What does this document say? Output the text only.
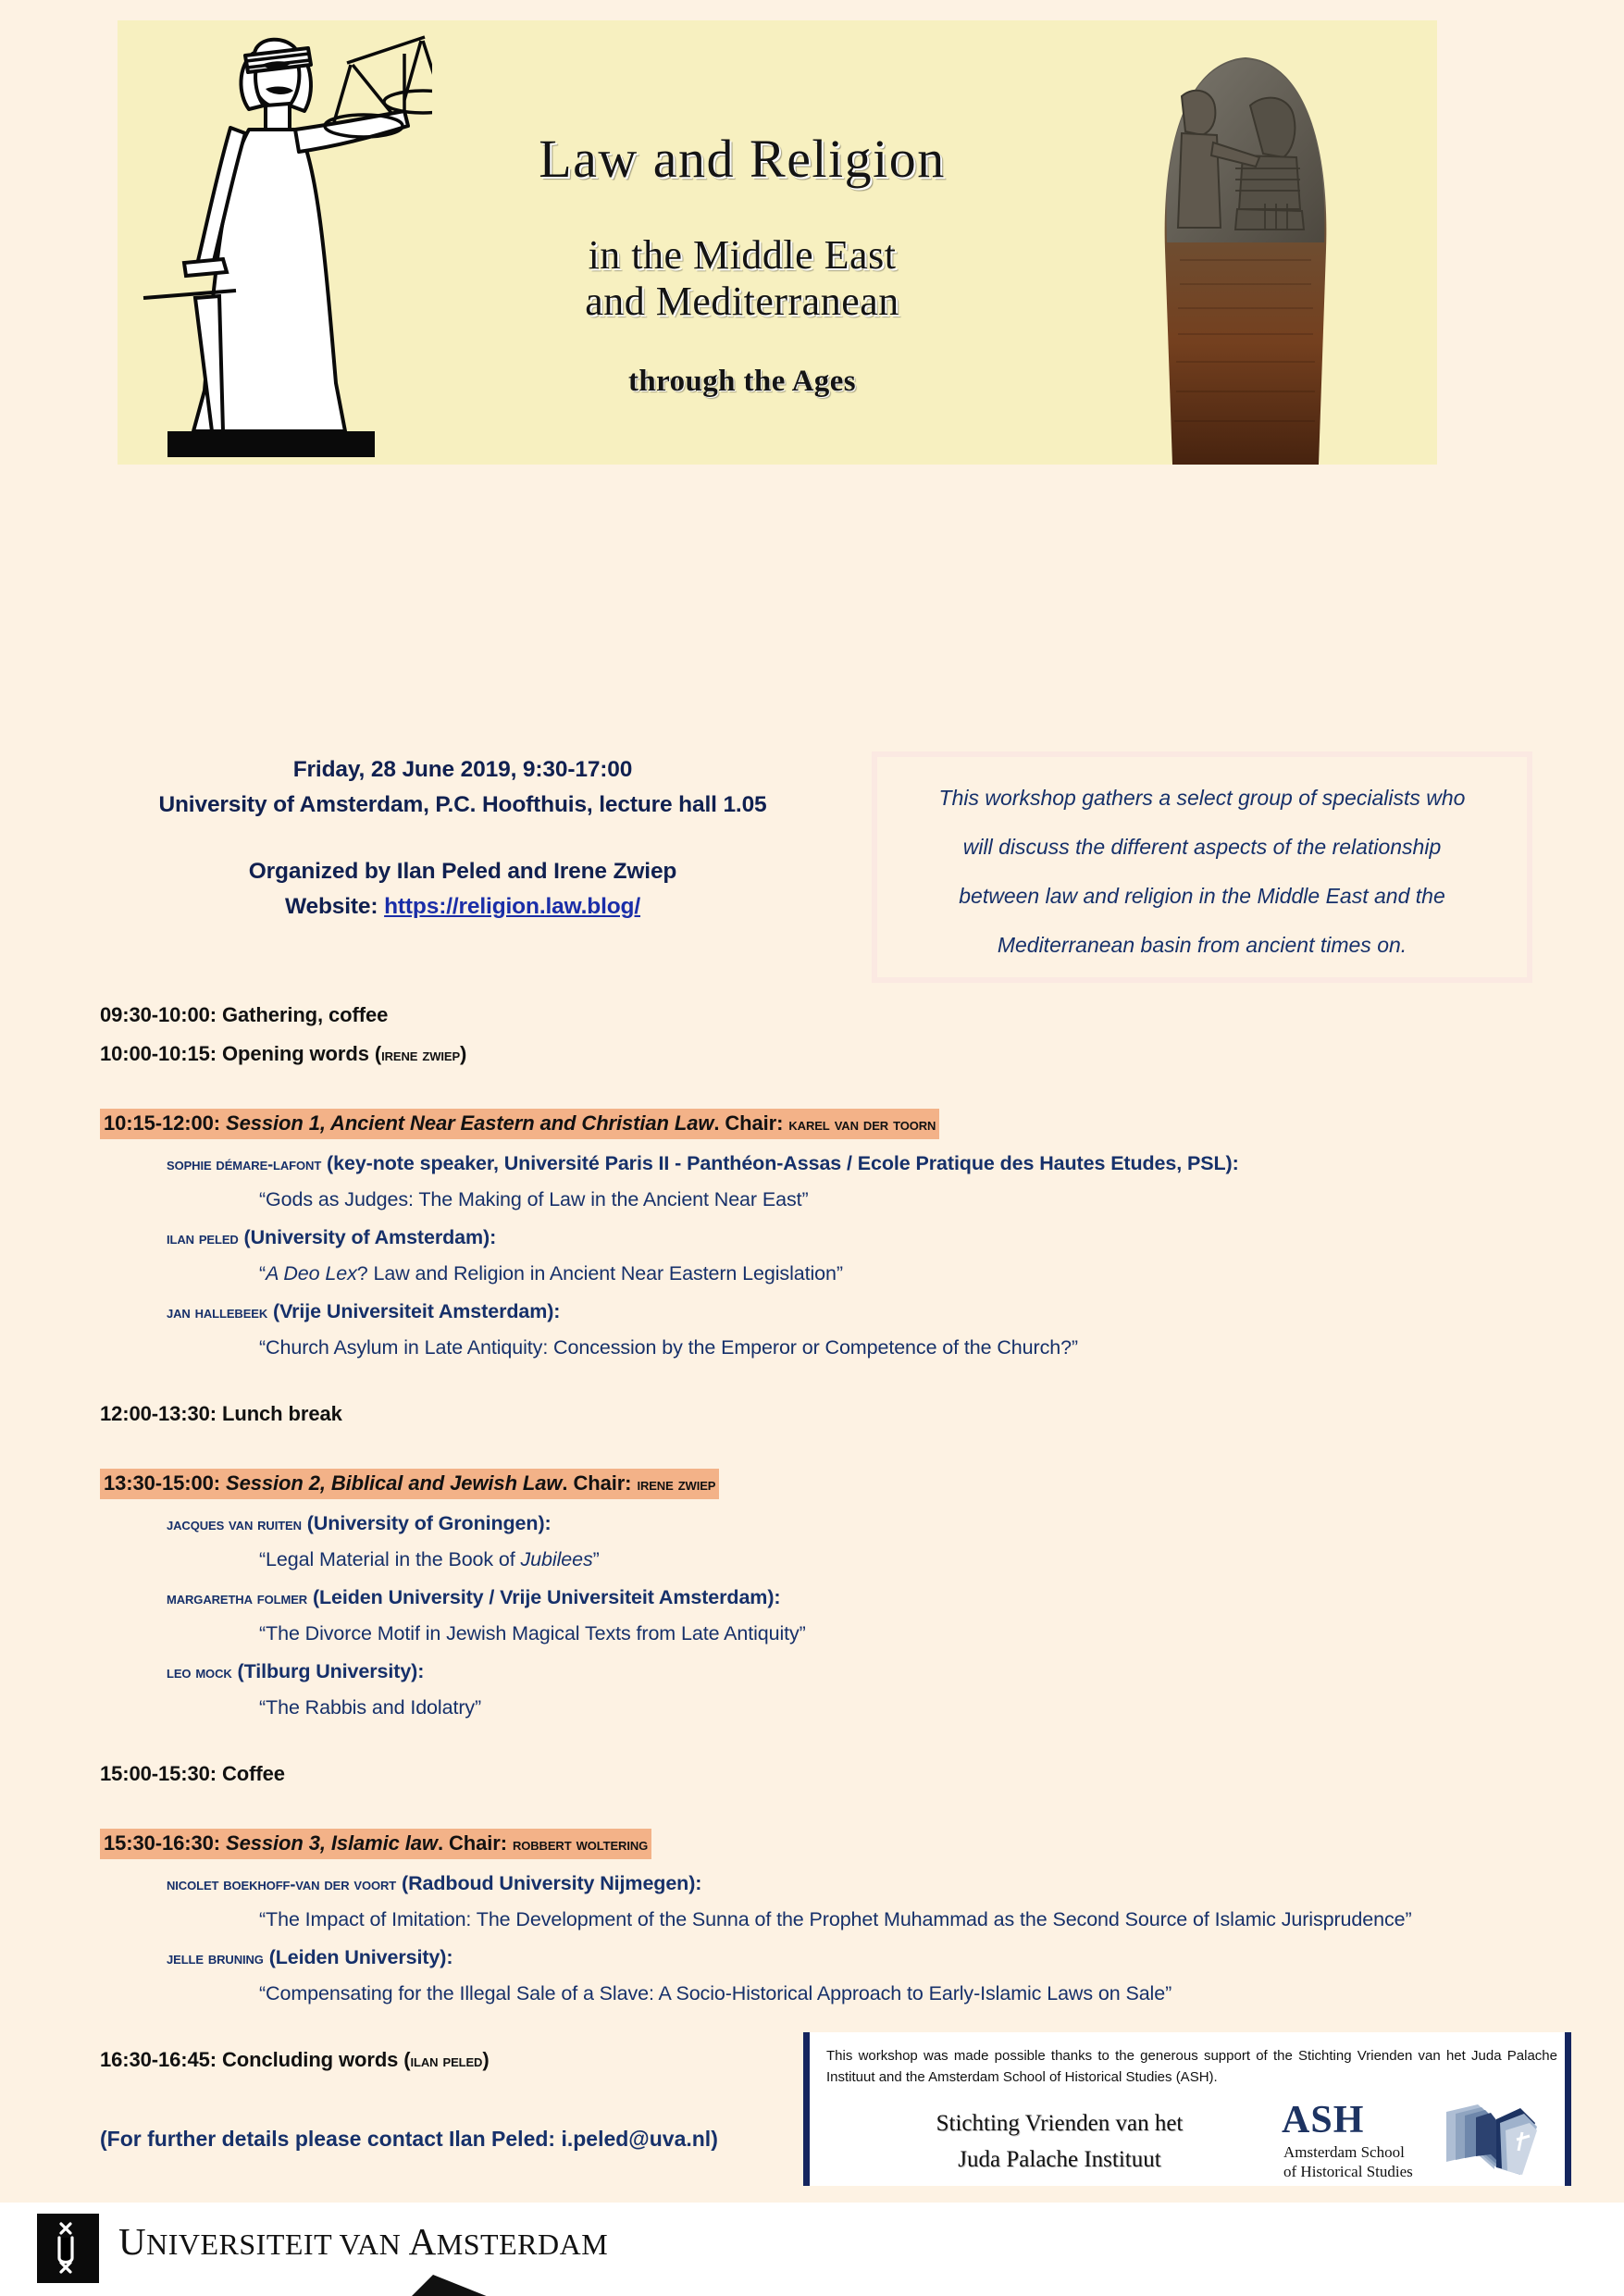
Law and Religion
in the Middle East
and Mediterranean
through the Ages
Friday, 28 June 2019, 9:30-17:00
University of Amsterdam, P.C. Hoofthuis, lecture hall 1.05
Organized by Ilan Peled and Irene Zwiep
Website: https://religion.law.blog/
This workshop gathers a select group of specialists who
will discuss the different aspects of the relationship
between law and religion in the Middle East and the
Mediterranean basin from ancient times on.
09:30-10:00: Gathering, coffee
10:00-10:15: Opening words (irene zwiep)
10:15-12:00: Session 1, Ancient Near Eastern and Christian Law. Chair: karel van der toorn
sophie démare-lafont (key-note speaker, Université Paris II - Panthéon-Assas / Ecole Pratique des Hautes Etudes, PSL):
“Gods as Judges: The Making of Law in the Ancient Near East”
ilan peled (University of Amsterdam):
“A Deo Lex? Law and Religion in Ancient Near Eastern Legislation”
jan hallebeek (Vrije Universiteit Amsterdam):
“Church Asylum in Late Antiquity: Concession by the Emperor or Competence of the Church?”
12:00-13:30: Lunch break
13:30-15:00: Session 2, Biblical and Jewish Law. Chair: irene zwiep
jacques van ruiten (University of Groningen):
“Legal Material in the Book of Jubilees”
margaretha folmer (Leiden University / Vrije Universiteit Amsterdam):
“The Divorce Motif in Jewish Magical Texts from Late Antiquity”
leo mock (Tilburg University):
“The Rabbis and Idolatry”
15:00-15:30: Coffee
15:30-16:30: Session 3, Islamic law. Chair: robbert woltering
nicolet boekhoff-van der voort (Radboud University Nijmegen):
“The Impact of Imitation: The Development of the Sunna of the Prophet Muhammad as the Second Source of Islamic Jurisprudence”
jelle bruning (Leiden University):
“Compensating for the Illegal Sale of a Slave: A Socio-Historical Approach to Early-Islamic Laws on Sale”
16:30-16:45: Concluding words (ilan peled)
(For further details please contact Ilan Peled: i.peled@uva.nl)
This workshop was made possible thanks to the generous support of the Stichting Vrienden van het Juda Palache Instituut and the Amsterdam School of Historical Studies (ASH).
Stichting Vrienden van het
Juda Palache Instituut
ASH
Amsterdam School
of Historical Studies
UNIVERSITEIT VAN AMSTERDAM
